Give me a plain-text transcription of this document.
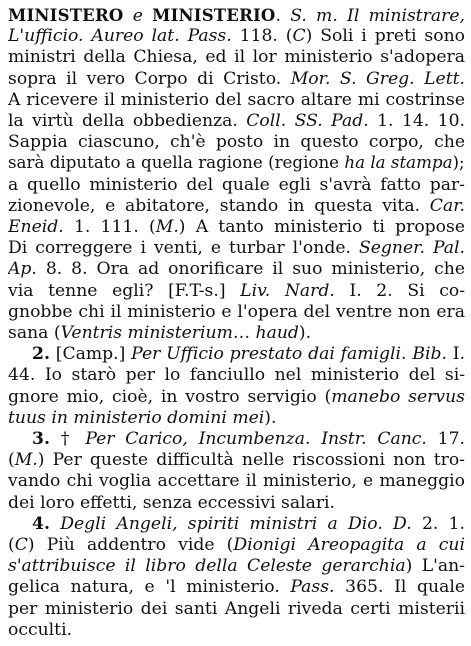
MINISTERO e MINISTERIO. S. m. Il ministrare,
L'ufficio. Aureo lat. Pass. 118. (C) Soli i preti sono
ministri della Chiesa, ed il lor ministerio s'adopera
sopra il vero Corpo di Cristo. Mor. S. Greg. Lett.
A ricevere il ministerio del sacro altare mi costrinse
la virtù della obbedienza. Coll. SS. Pad. 1. 14. 10.
Sappia ciascuno, ch'è posto in questo corpo, che
sarà diputato a quella ragione (regione ha la stampa);
a quello ministerio del quale egli s'avrà fatto par-
zionevole, e abitatore, stando in questa vita. Car.
Eneid. 1. 111. (M.) A tanto ministerio ti propose
Di correggere i venti, e turbar l'onde. Segner. Pal.
Ap. 8. 8. Ora ad onorificare il suo ministerio, che
via tenne egli? [F.T-s.] Liv. Nard. I. 2. Si co-
gnobbe chi il ministerio e l'opera del ventre non era
sana (Ventris ministerium… haud).
2. [Camp.] Per Ufficio prestato dai famigli. Bib. I.
44. Io starò per lo fanciullo nel ministerio del si-
gnore mio, cioè, in vostro servigio (manebo servus
tuus in ministerio domini mei).
3. † Per Carico, Incumbenza. Instr. Canc. 17.
(M.) Per queste difficultà nelle riscossioni non tro-
vando chi voglia accettare il ministerio, e maneggio
dei loro effetti, senza eccessivi salari.
4. Degli Angeli, spiriti ministri a Dio. D. 2. 1.
(C) Più addentro vide (Dionigi Areopagita a cui
s'attribuisce il libro della Celeste gerarchia) L'an-
gelica natura, e 'l ministerio. Pass. 365. Il quale
per ministerio dei santi Angeli riveda certi misterii
occulti.
